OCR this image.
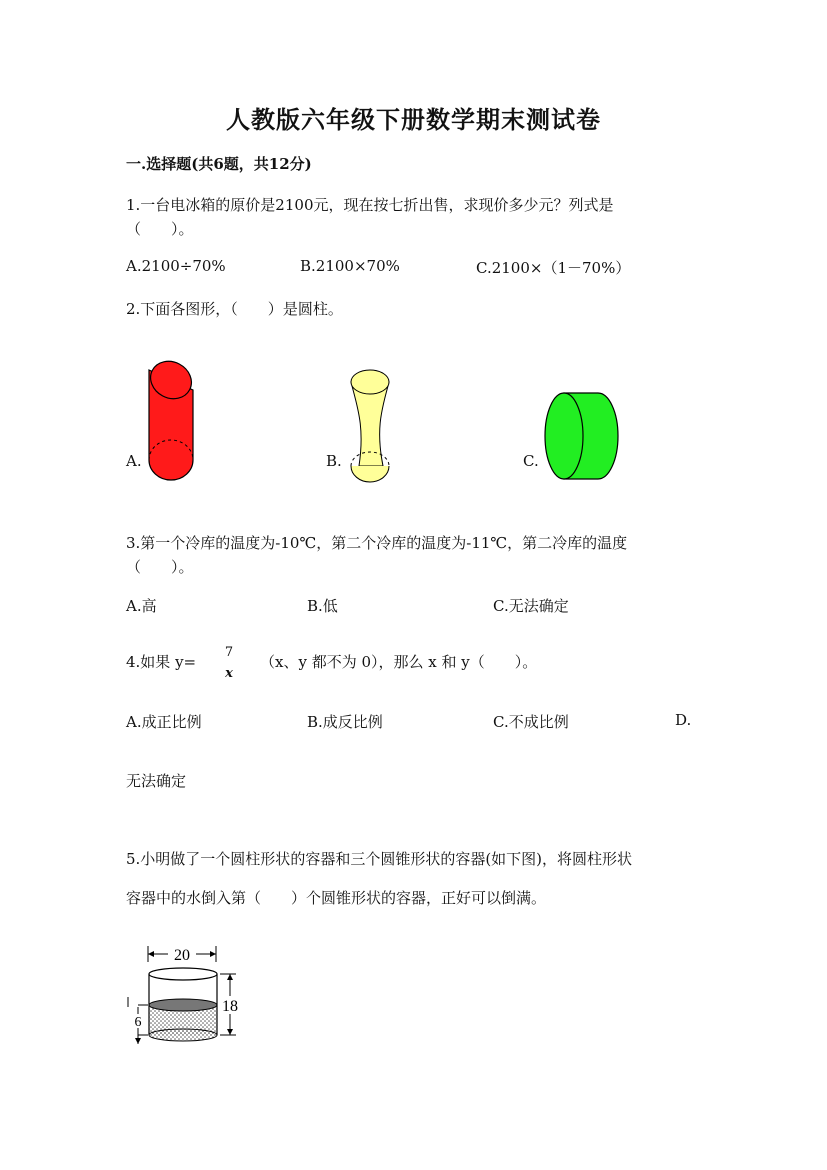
人教版六年级下册数学期末测试卷
一.选择题(共6题，共12分)
1.一台电冰箱的原价是2100元，现在按七折出售，求现价多少元？列式是
（　　）。
A.2100÷70%	B.2100×70%	C.2100×（1－70%）
2.下面各图形，（　　）是圆柱。
A.	B.	C.
3.第一个冷库的温度为-10℃，第二个冷库的温度为-11℃，第二冷库的温度
（　　）。
A.高	B.低	C.无法确定
4.如果 y=
7
x
（x、y 都不为 0），那么 x 和 y（　　）。
A.成正比例	B.成反比例	C.不成比例	D.
无法确定
5.小明做了一个圆柱形状的容器和三个圆锥形状的容器(如下图)，将圆柱形状
容器中的水倒入第（　　）个圆锥形状的容器，正好可以倒满。
20
18
6
